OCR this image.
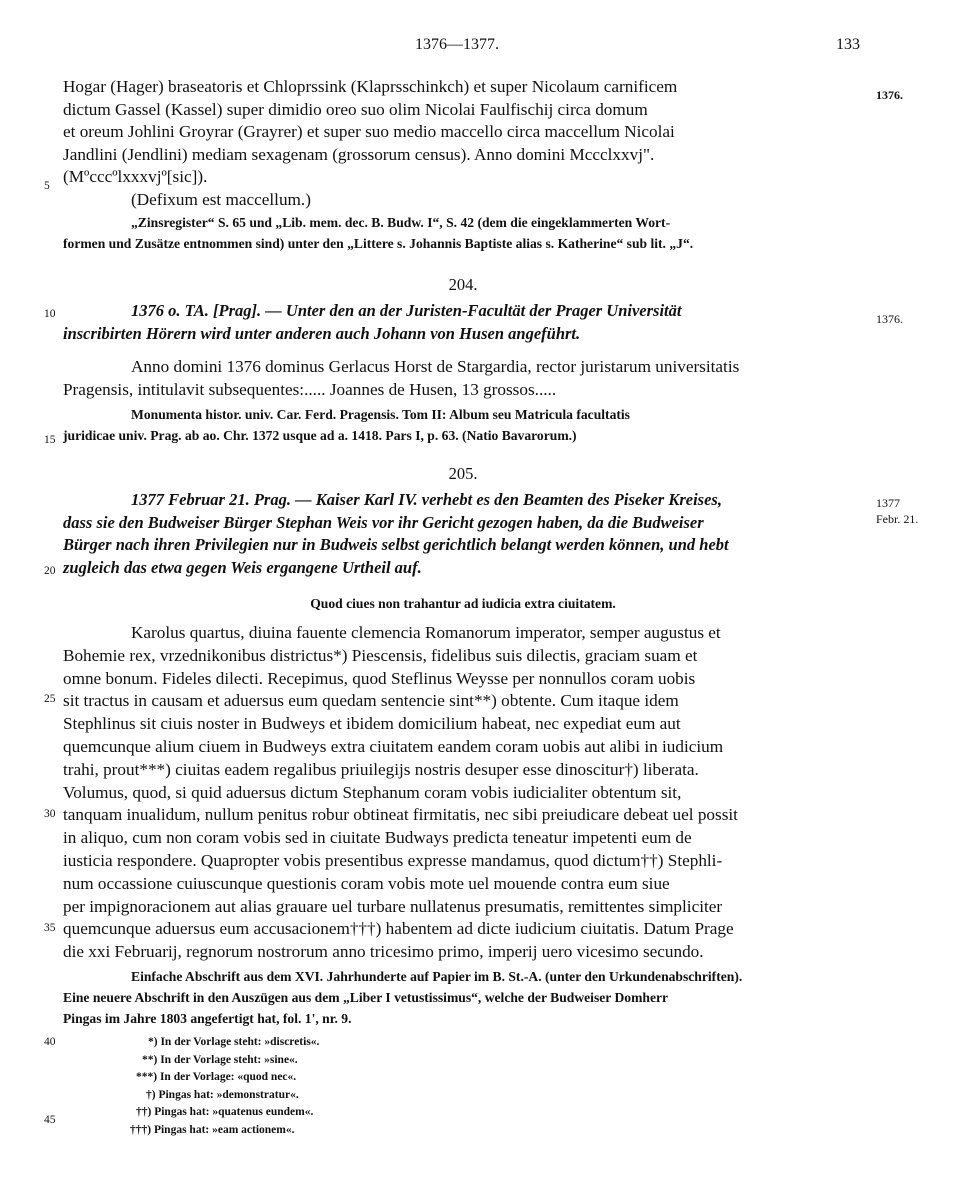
1376—1377.	133
1376.
1376.
1377
Febr. 21.
5
10
15
20
25
30
35
40
45
Hogar (Hager) braseatoris et Chloprssink (Klaprsschinkch) et super Nicolaum carnificem
dictum Gassel (Kassel) super dimidio oreo suo olim Nicolai Faulfischij circa domum
et oreum Johlini Groyrar (Grayrer) et super suo medio maccello circa maccellum Nicolai
Jandlini (Jendlini) mediam sexagenam (grossorum census). Anno domini Mccclxxvj".
(Mºcccºlxxxvjº[sic]).
(Defixum est maccellum.)
„Zinsregister“ S. 65 und „Lib. mem. dec. B. Budw. I“, S. 42 (dem die eingeklammerten Wort-
formen und Zusätze entnommen sind) unter den „Littere s. Johannis Baptiste alias s. Katherine“ sub lit. „J“.
204.
1376 o. TA. [Prag]. — Unter den an der Juristen-Facultät der Prager Universität
inscribirten Hörern wird unter anderen auch Johann von Husen angeführt.
Anno domini 1376 dominus Gerlacus Horst de Stargardia, rector juristarum universitatis
Pragensis, intitulavit subsequentes:..... Joannes de Husen, 13 grossos.....
Monumenta histor. univ. Car. Ferd. Pragensis. Tom II: Album seu Matricula facultatis
juridicae univ. Prag. ab ao. Chr. 1372 usque ad a. 1418. Pars I, p. 63. (Natio Bavarorum.)
205.
1377 Februar 21. Prag. — Kaiser Karl IV. verhebt es den Beamten des Piseker Kreises,
dass sie den Budweiser Bürger Stephan Weis vor ihr Gericht gezogen haben, da die Budweiser
Bürger nach ihren Privilegien nur in Budweis selbst gerichtlich belangt werden können, und hebt
zugleich das etwa gegen Weis ergangene Urtheil auf.
Quod ciues non trahantur ad iudicia extra ciuitatem.
Karolus quartus, diuina fauente clemencia Romanorum imperator, semper augustus et
Bohemie rex, vrzednikonibus districtus*) Piescensis, fidelibus suis dilectis, graciam suam et
omne bonum. Fideles dilecti. Recepimus, quod Steflinus Weysse per nonnullos coram uobis
sit tractus in causam et aduersus eum quedam sentencie sint**) obtente. Cum itaque idem
Stephlinus sit ciuis noster in Budweys et ibidem domicilium habeat, nec expediat eum aut
quemcunque alium ciuem in Budweys extra ciuitatem eandem coram uobis aut alibi in iudicium
trahi, prout***) ciuitas eadem regalibus priuilegijs nostris desuper esse dinoscitur†) liberata.
Volumus, quod, si quid aduersus dictum Stephanum coram vobis iudicialiter obtentum sit,
tanquam inualidum, nullum penitus robur obtineat firmitatis, nec sibi preiudicare debeat uel possit
in aliquo, cum non coram vobis sed in ciuitate Budways predicta teneatur impetenti eum de
iusticia respondere. Quapropter vobis presentibus expresse mandamus, quod dictum††) Stephli-
num occassione cuiuscunque questionis coram vobis mote uel mouende contra eum siue
per impignoracionem aut alias grauare uel turbare nullatenus presumatis, remittentes simpliciter
quemcunque aduersus eum accusacionem†††) habentem ad dicte iudicium ciuitatis. Datum Prage
die xxi Februarij, regnorum nostrorum anno tricesimo primo, imperij uero vicesimo secundo.
Einfache Abschrift aus dem XVI. Jahrhunderte auf Papier im B. St.-A. (unter den Urkundenabschriften).
Eine neuere Abschrift in den Auszügen aus dem „Liber I vetustissimus“, welche der Budweiser Domherr
Pingas im Jahre 1803 angefertigt hat, fol. 1', nr. 9.
*) In der Vorlage steht: »discretis«.
**) In der Vorlage steht: »sine«.
***) In der Vorlage: «quod nec«.
†) Pingas hat: »demonstratur«.
††) Pingas hat: »quatenus eundem«.
†††) Pingas hat: »eam actionem«.
